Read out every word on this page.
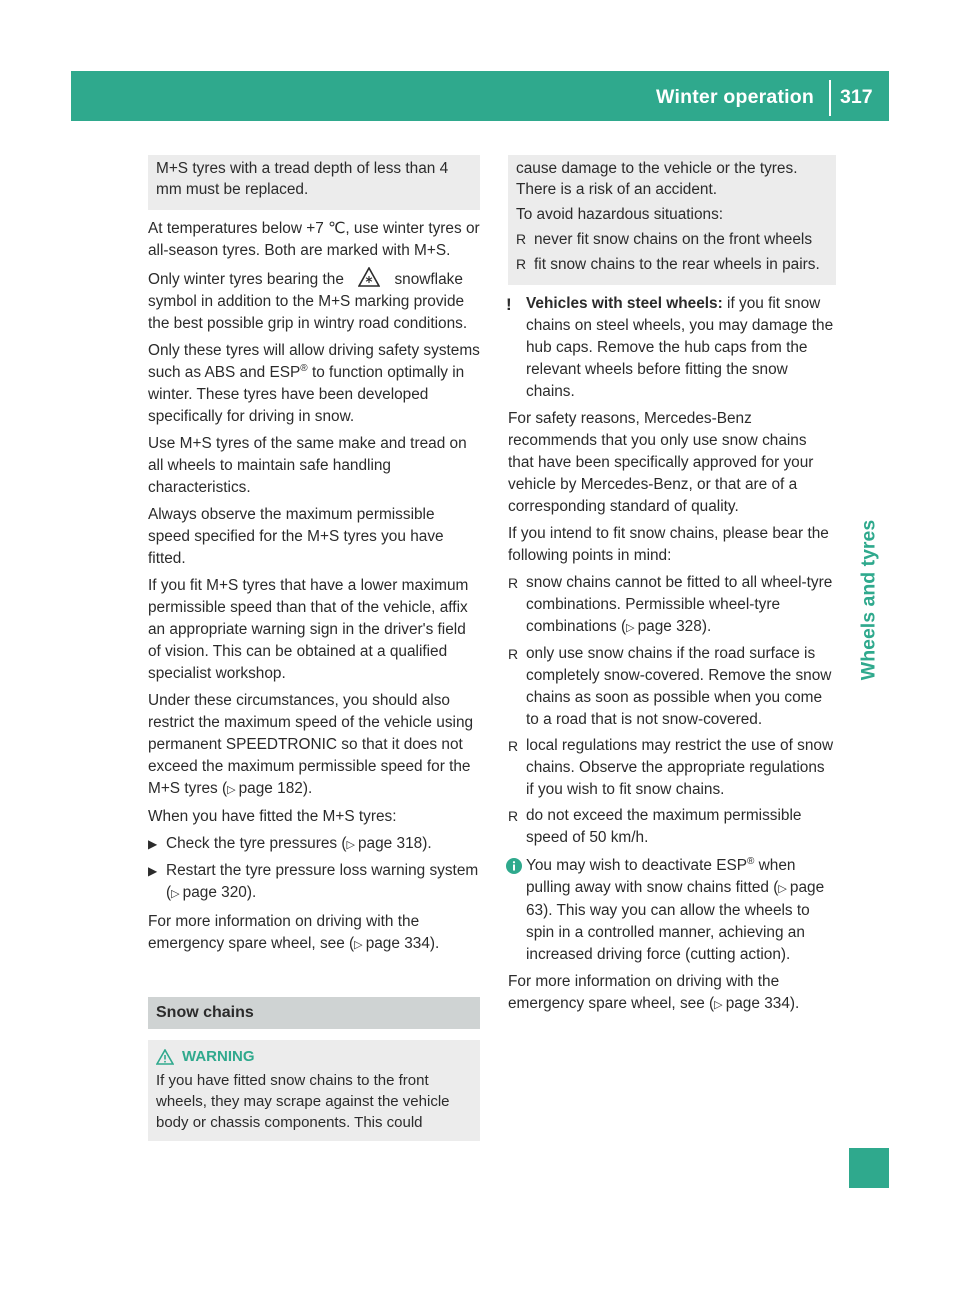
Winter operation 317
Wheels and tyres

M+S tyres with a tread depth of less than 4 mm must be replaced.

At temperatures below +7 ℃, use winter tyres or all-season tyres. Both are marked with M+S.

Only winter tyres bearing the	snowflake symbol in addition to the M+S marking provide the best possible grip in wintry road conditions.

Only these tyres will allow driving safety systems such as ABS and ESP® to function optimally in winter. These tyres have been developed specifically for driving in snow.

Use M+S tyres of the same make and tread on all wheels to maintain safe handling characteristics.

Always observe the maximum permissible speed specified for the M+S tyres you have fitted.

If you fit M+S tyres that have a lower maximum permissible speed than that of the vehicle, affix an appropriate warning sign in the driver's field of vision. This can be obtained at a qualified specialist workshop.

Under these circumstances, you should also restrict the maximum speed of the vehicle using permanent SPEEDTRONIC so that it does not exceed the maximum permissible speed for the M+S tyres (▷ page 182).

When you have fitted the M+S tyres:

▶ Check the tyre pressures (▷ page 318).
▶ Restart the tyre pressure loss warning system (▷ page 320).

For more information on driving with the emergency spare wheel, see (▷ page 334).

Snow chains
WARNING
If you have fitted snow chains to the front wheels, they may scrape against the vehicle body or chassis components. This could

cause damage to the vehicle or the tyres. There is a risk of an accident.

To avoid hazardous situations:

R never fit snow chains on the front wheels
R fit snow chains to the rear wheels in pairs.
! Vehicles with steel wheels: if you fit snow chains on steel wheels, you may damage the hub caps. Remove the hub caps from the relevant wheels before fitting the snow chains.

For safety reasons, Mercedes-Benz recommends that you only use snow chains that have been specifically approved for your vehicle by Mercedes-Benz, or that are of a corresponding standard of quality.

If you intend to fit snow chains, please bear the following points in mind:

R snow chains cannot be fitted to all wheel-tyre combinations. Permissible wheel-tyre combinations (▷ page 328).
R only use snow chains if the road surface is completely snow-covered. Remove the snow chains as soon as possible when you come to a road that is not snow-covered.
R local regulations may restrict the use of snow chains. Observe the appropriate regulations if you wish to fit snow chains.
R do not exceed the maximum permissible speed of 50 km/h.
You may wish to deactivate ESP® when pulling away with snow chains fitted (▷ page 63). This way you can allow the wheels to spin in a controlled manner, achieving an increased driving force (cutting action).

For more information on driving with the emergency spare wheel, see (▷ page 334).
